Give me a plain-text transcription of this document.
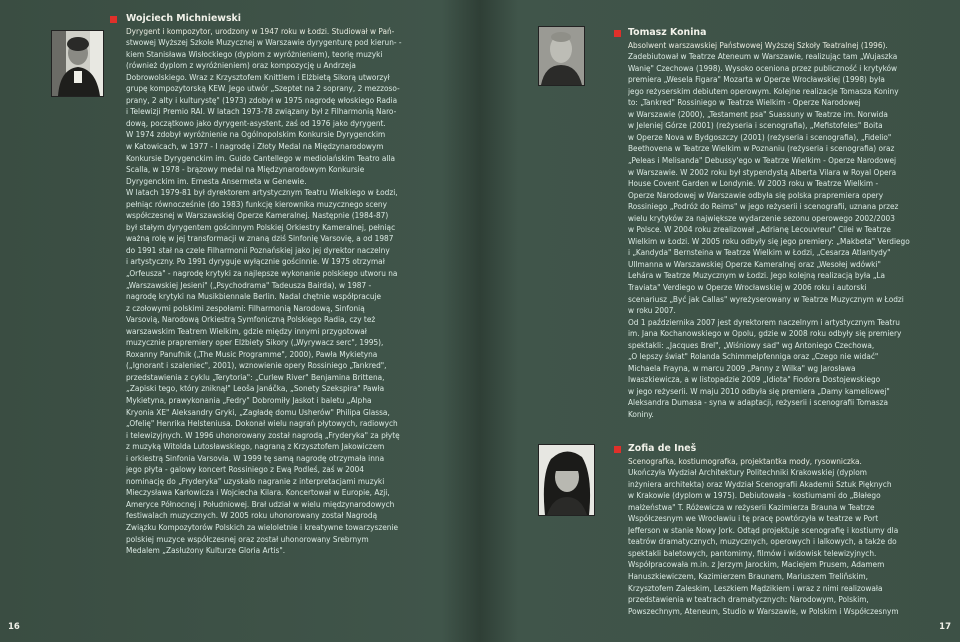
Wojciech Michniewski
Dyrygent i kompozytor, urodzony w 1947 roku w Łodzi. Studiował w Pań-
stwowej Wyższej Szkole Muzycznej w Warszawie dyrygenturę pod kierun- -
kiem Stanisława Wisłockiego (dyplom z wyróżnieniem), teorię muzyki
(również dyplom z wyróżnieniem) oraz kompozycję u Andrzeja
Dobrowolskiego. Wraz z Krzysztofem Knittlem i Elżbietą Sikorą utworzył
grupę kompozytorską KEW. Jego utwór „Szeptet na 2 soprany, 2 mezzoso-
prany, 2 alty i kulturystę" (1973) zdobył w 1975 nagrodę włoskiego Radia
i Telewizji Premio RAI. W latach 1973-78 związany był z Filharmonią Naro-
dową, początkowo jako dyrygent-asystent, zaś od 1976 jako dyrygent.
W 1974 zdobył wyróżnienie na Ogólnopolskim Konkursie Dyrygenckim
w Katowicach, w 1977 - I nagrodę i Złoty Medal na Międzynarodowym
Konkursie Dyrygenckim im. Guido Cantellego w mediolańskim Teatro alla
Scalla, w 1978 - brązowy medal na Międzynarodowym Konkursie
Dyrygenckim im. Ernesta Ansermeta w Genewie.
W latach 1979-81 był dyrektorem artystycznym Teatru Wielkiego w Łodzi,
pełniąc równocześnie (do 1983) funkcję kierownika muzycznego sceny
współczesnej w Warszawskiej Operze Kameralnej. Następnie (1984-87)
był stałym dyrygentem gościnnym Polskiej Orkiestry Kameralnej, pełniąc
ważną rolę w jej transformacji w znaną dziś Sinfonię Varsovię, a od 1987
do 1991 stał na czele Filharmonii Poznańskiej jako jej dyrektor naczelny
i artystyczny. Po 1991 dyryguje wyłącznie gościnnie. W 1975 otrzymał
„Orfeusza" - nagrodę krytyki za najlepsze wykonanie polskiego utworu na
„Warszawskiej Jesieni" („Psychodrama" Tadeusza Bairda), w 1987 -
nagrodę krytyki na Musikbiennale Berlin. Nadal chętnie współpracuje
z czołowymi polskimi zespołami: Filharmonią Narodową, Sinfonią
Varsovią, Narodową Orkiestrą Symfoniczną Polskiego Radia, czy też
warszawskim Teatrem Wielkim, gdzie między innymi przygotował
muzycznie prapremiery oper Elżbiety Sikory („Wyrywacz serc", 1995),
Roxanny Panufnik („The Music Programme", 2000), Pawła Mykietyna
(„Ignorant i szaleniec", 2001), wznowienie opery Rossiniego „Tankred",
przedstawienia z cyklu „Terytoria": „Curlew River" Benjamina Brittena,
„Zapiski tego, który zniknął" Leoša Janáčka, „Sonety Szekspira" Pawła
Mykietyna, prawykonania „Fedry" Dobromiły Jaskot i baletu „Alpha
Kryonia XE" Aleksandry Gryki, „Zagładę domu Usherów" Philipa Glassa,
„Ofelię" Henrika Helsteniusa. Dokonał wielu nagrań płytowych, radiowych
i telewizyjnych. W 1996 uhonorowany został nagrodą „Fryderyka" za płytę
z muzyką Witolda Lutosławskiego, nagraną z Krzysztofem Jakowiczem
i orkiestrą Sinfonia Varsovia. W 1999 tę samą nagrodę otrzymała inna
jego płyta - galowy koncert Rossiniego z Ewą Podleś, zaś w 2004
nominację do „Fryderyka" uzyskało nagranie z interpretacjami muzyki
Mieczysława Karłowicza i Wojciecha Kilara. Koncertował w Europie, Azji,
Ameryce Północnej i Południowej. Brał udział w wielu międzynarodowych
festiwalach muzycznych. W 2005 roku uhonorowany został Nagrodą
Związku Kompozytorów Polskich za wieloletnie i kreatywne towarzyszenie
polskiej muzyce współczesnej oraz został uhonorowany Srebrnym
Medalem „Zasłużony Kulturze Gloria Artis".
16
Tomasz Konina
Absolwent warszawskiej Państwowej Wyższej Szkoły Teatralnej (1996).
Zadebiutował w Teatrze Ateneum w Warszawie, realizując tam „Wujaszka
Wanię" Czechowa (1998). Wysoko oceniona przez publiczność i krytyków
premiera „Wesela Figara" Mozarta w Operze Wrocławskiej (1998) była
jego reżyserskim debiutem operowym. Kolejne realizacje Tomasza Koniny
to: „Tankred" Rossiniego w Teatrze Wielkim - Operze Narodowej
w Warszawie (2000), „Testament psa" Suassuny w Teatrze im. Norwida
w Jeleniej Górze (2001) (reżyseria i scenografia), „Mefistofeles" Boita
w Operze Nova w Bydgoszczy (2001) (reżyseria i scenografia), „Fidelio"
Beethovena w Teatrze Wielkim w Poznaniu (reżyseria i scenografia) oraz
„Peleas i Melisanda" Debussy'ego w Teatrze Wielkim - Operze Narodowej
w Warszawie. W 2002 roku był stypendystą Alberta Vilara w Royal Opera
House Covent Garden w Londynie. W 2003 roku w Teatrze Wielkim -
Operze Narodowej w Warszawie odbyła się polska prapremiera opery
Rossiniego „Podróż do Reims" w jego reżyserii i scenografii, uznana przez
wielu krytyków za największe wydarzenie sezonu operowego 2002/2003
w Polsce. W 2004 roku zrealizował „Adrianę Lecouvreur" Cilei w Teatrze
Wielkim w Łodzi. W 2005 roku odbyły się jego premiery: „Makbeta" Verdiego
i „Kandyda" Bernsteina w Teatrze Wielkim w Łodzi, „Cesarza Atlantydy"
Ullmanna w Warszawskiej Operze Kameralnej oraz „Wesołej wdówki"
Lehára w Teatrze Muzycznym w Łodzi. Jego kolejną realizacją była „La
Traviata" Verdiego w Operze Wrocławskiej w 2006 roku i autorski
scenariusz „Być jak Callas" wyreżyserowany w Teatrze Muzycznym w Łodzi
w roku 2007.
Od 1 października 2007 jest dyrektorem naczelnym i artystycznym Teatru
im. Jana Kochanowskiego w Opolu, gdzie w 2008 roku odbyły się premiery
spektakli: „Jacques Brel", „Wiśniowy sad" wg Antoniego Czechowa,
„O lepszy świat" Rolanda Schimmelpfenniga oraz „Czego nie widać"
Michaela Frayna, w marcu 2009 „Panny z Wilka" wg Jarosława
Iwaszkiewicza, a w listopadzie 2009 „Idiota" Fiodora Dostojewskiego
w jego reżyserii. W maju 2010 odbyła się premiera „Damy kameliowej"
Aleksandra Dumasa - syna w adaptacji, reżyserii i scenografii Tomasza
Koniny.
Zofia de Ineš
Scenografka, kostiumografka, projektantka mody, rysowniczka.
Ukończyła Wydział Architektury Politechniki Krakowskiej (dyplom
inżyniera architekta) oraz Wydział Scenografii Akademii Sztuk Pięknych
w Krakowie (dyplom w 1975). Debiutowała - kostiumami do „Błałego
małżeństwa" T. Różewicza w reżyserii Kazimierza Brauna w Teatrze
Współczesnym we Wrocławiu i tę pracę powtórzyła w teatrze w Port
Jefferson w stanie Nowy Jork. Odtąd projektuje scenografię i kostiumy dla
teatrów dramatycznych, muzycznych, operowych i lalkowych, a także do
spektakli baletowych, pantomimy, filmów i widowisk telewizyjnych.
Współpracowała m.in. z Jerzym Jarockim, Maciejem Prusem, Adamem
Hanuszkiewiczem, Kazimierzem Braunem, Mariuszem Treliňskim,
Krzysztofem Zaleskim, Leszkiem Mądzikiem i wraz z nimi realizowała
przedstawienia w teatrach dramatycznych: Narodowym, Polskim,
Powszechnym, Ateneum, Studio w Warszawie, w Polskim i Współczesnym
17
